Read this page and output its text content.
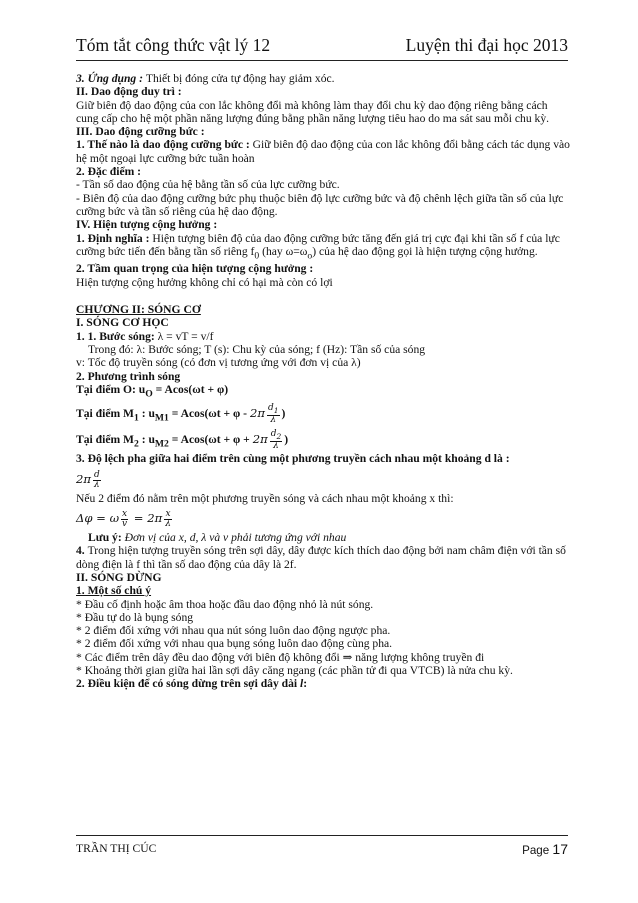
Tóm tắt công thức vật lý 12	Luyện thi đại học 2013

3. Ứng dụng : Thiết bị đóng cửa tự động hay giảm xóc.

II. Dao động duy trì :

Giữ biên độ dao động của con lắc không đổi mà không làm thay đổi chu kỳ dao động riêng bằng cách cung cấp cho hệ một phần năng lượng đúng bằng phần năng lượng tiêu hao do ma sát sau mỗi chu kỳ.

III. Dao động cưỡng bức :

1. Thế nào là dao động cưỡng bức : Giữ biên độ dao động của con lắc không đổi bằng cách tác dụng vào hệ một ngoại lực cưỡng bức tuần hoàn

2. Đặc điểm :

- Tần số dao động của hệ bằng tần số của lực cưỡng bức.

- Biên độ của dao động cưỡng bức phụ thuộc biên độ lực cưỡng bức và độ chênh lệch giữa tần số của lực cưỡng bức và tần số riêng của hệ dao động.

IV. Hiện tượng cộng hưởng :

1. Định nghĩa : Hiện tượng biên độ của dao động cưỡng bức tăng đến giá trị cực đại khi tần số f của lực cưỡng bức tiến đến bằng tần số riêng $f_0$ (hay $\omega=\omega_o$) của hệ dao động gọi là hiện tượng cộng hưởng.

2. Tầm quan trọng của hiện tượng cộng hưởng :

Hiện tượng cộng hưởng không chỉ có hại mà còn có lợi

CHƯƠNG II: SÓNG CƠ

I. SÓNG CƠ HỌC

1. 1. Bước sóng: λ = vT = v/f

Trong đó: λ: Bước sóng; T (s): Chu kỳ của sóng; f (Hz): Tần số của sóng

v: Tốc độ truyền sóng (có đơn vị tương ứng với đơn vị của λ)

2. Phương trình sóng

Tại điểm O: $u_O = Acos(\omega t + \varphi)$

Tại điểm $M_1$ : $u_{M1} = Acos(\omega t + \varphi - 2\pi \frac{d_1}{\lambda}$ )

Tại điểm $M_2$ : $u_{M2} = Acos(\omega t + \varphi + 2\pi \frac{d_2}{\lambda}$ )

3. Độ lệch pha giữa hai điểm trên cùng một phương truyền cách nhau một khoảng d là :

$2\pi \frac{d}{\lambda}$

Nếu 2 điểm đó nằm trên một phương truyền sóng và cách nhau một khoảng x thì:

Δφ = ω $\frac{x}{v} = 2\pi \frac{x}{\lambda}$

Lưu ý: Đơn vị của x, d, λ và v phải tương ứng với nhau

4. Trong hiện tượng truyền sóng trên sợi dây, dây được kích thích dao động bởi nam châm điện với tần số dòng điện là f thì tần số dao động của dây là 2f.

II. SÓNG DỪNG

1. Một số chú ý

* Đầu cố định hoặc âm thoa hoặc đầu dao động nhỏ là nút sóng.

* Đầu tự do là bụng sóng

* 2 điểm đối xứng với nhau qua nút sóng luôn dao động ngược pha.

* 2 điểm đối xứng với nhau qua bụng sóng luôn dao động cùng pha.

* Các điểm trên dây đều dao động với biên độ không đổi ⇒ năng lượng không truyền đi

* Khoảng thời gian giữa hai lần sợi dây căng ngang (các phần tử đi qua VTCB) là nửa chu kỳ.

2. Điều kiện để có sóng dừng trên sợi dây dài l:

TRẦN THỊ CÚC	Page 17
